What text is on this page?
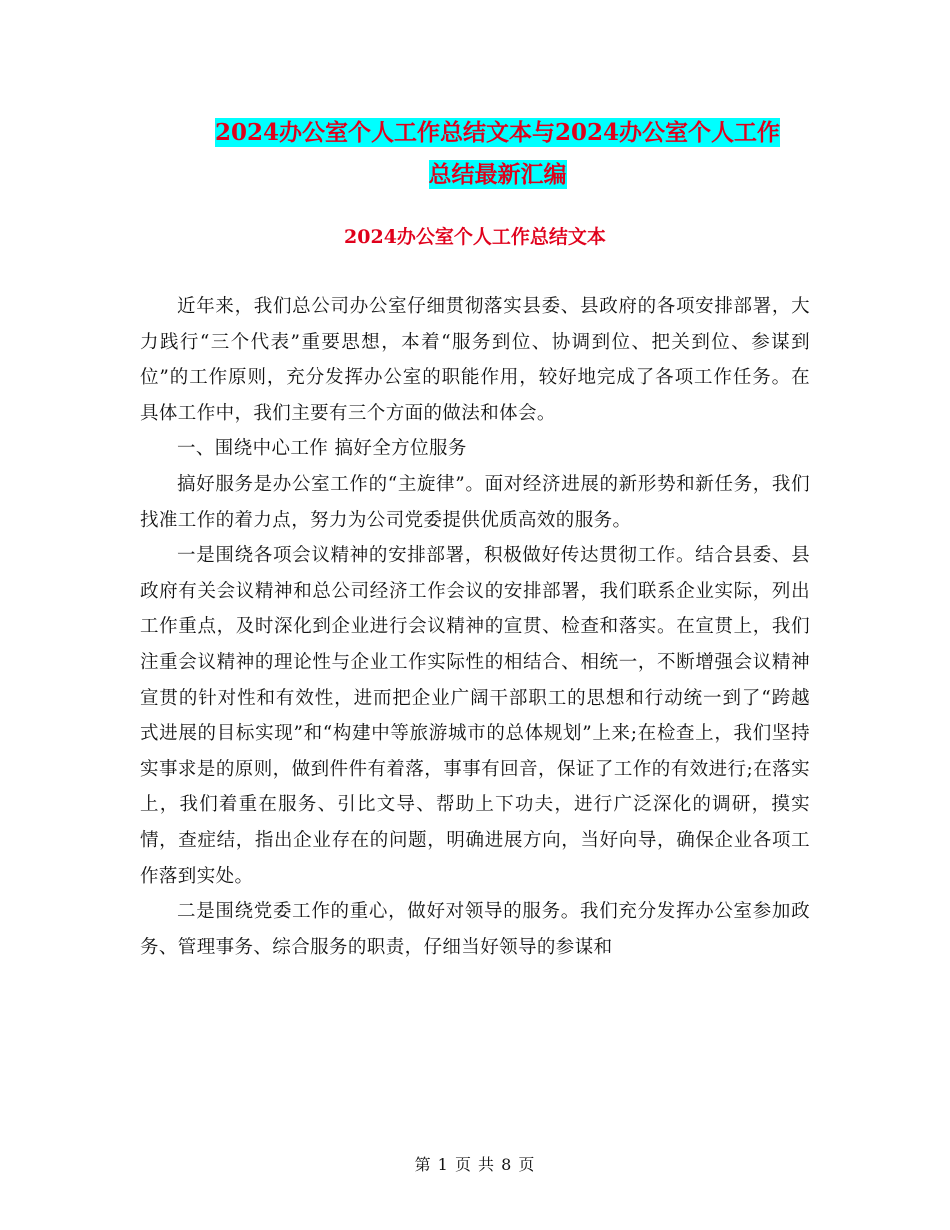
2024办公室个人工作总结文本与2024办公室个人工作
总结最新汇编
2024办公室个人工作总结文本

近年来，我们总公司办公室仔细贯彻落实县委、县政府的各项安排部署，大力践行“三个代表”重要思想，本着“服务到位、协调到位、把关到位、参谋到位”的工作原则，充分发挥办公室的职能作用，较好地完成了各项工作任务。在具体工作中，我们主要有三个方面的做法和体会。

一、围绕中心工作 搞好全方位服务

搞好服务是办公室工作的“主旋律”。面对经济进展的新形势和新任务，我们找准工作的着力点，努力为公司党委提供优质高效的服务。

一是围绕各项会议精神的安排部署，积极做好传达贯彻工作。结合县委、县政府有关会议精神和总公司经济工作会议的安排部署，我们联系企业实际，列出工作重点，及时深化到企业进行会议精神的宣贯、检查和落实。在宣贯上，我们注重会议精神的理论性与企业工作实际性的相结合、相统一，不断增强会议精神宣贯的针对性和有效性，进而把企业广阔干部职工的思想和行动统一到了“跨越式进展的目标实现”和“构建中等旅游城市的总体规划”上来;在检查上，我们坚持实事求是的原则，做到件件有着落，事事有回音，保证了工作的有效进行;在落实上，我们着重在服务、引比文导、帮助上下功夫，进行广泛深化的调研，摸实情，查症结，指出企业存在的问题，明确进展方向，当好向导，确保企业各项工作落到实处。

二是围绕党委工作的重心，做好对领导的服务。我们充分发挥办公室参加政务、管理事务、综合服务的职责，仔细当好领导的参谋和

第 1 页 共 8 页
